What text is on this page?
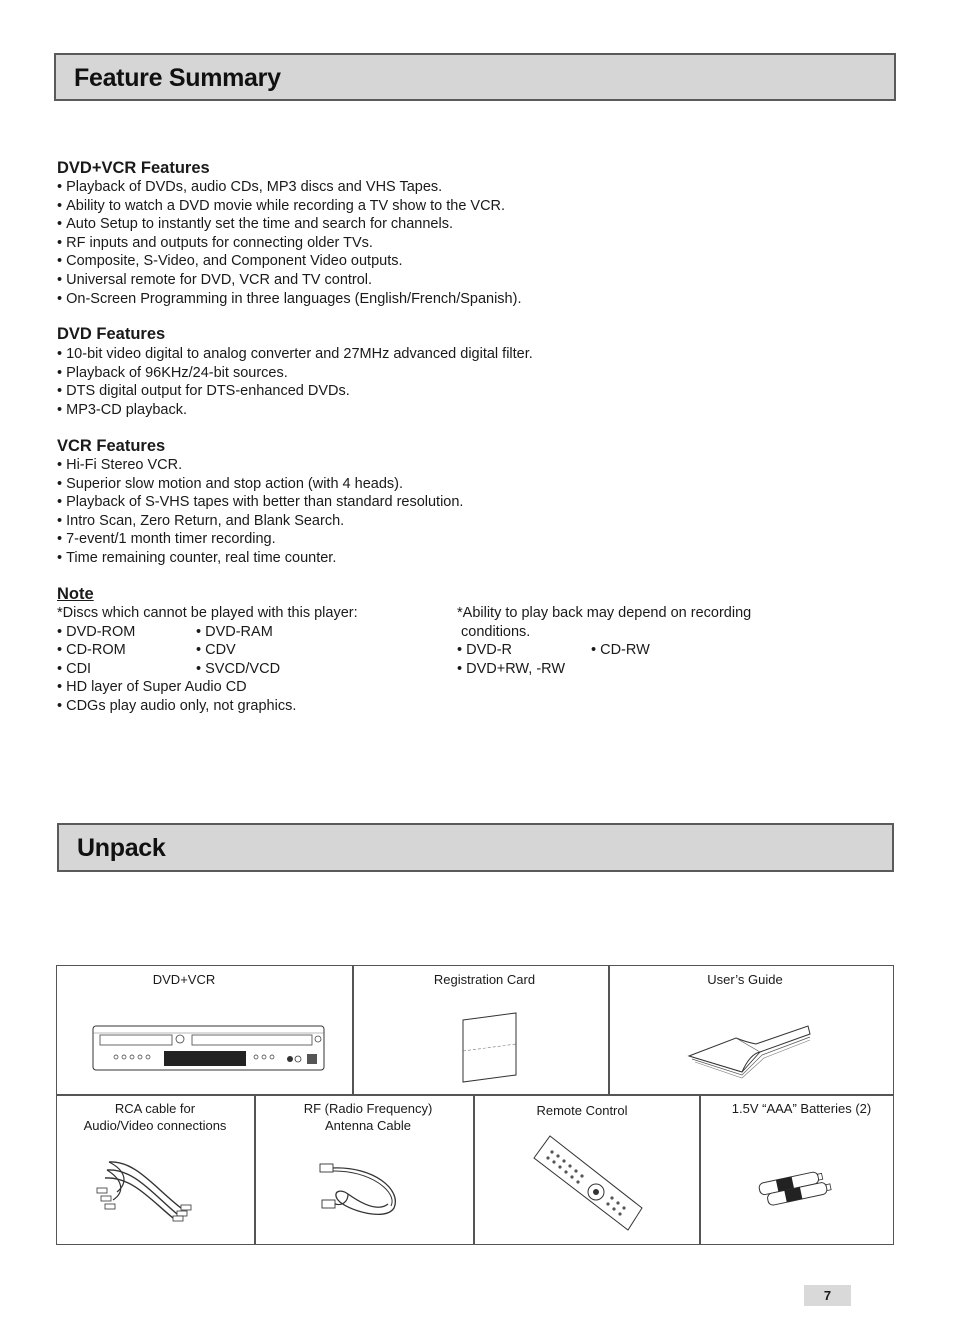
Feature Summary
DVD+VCR Features
• Playback of DVDs, audio CDs, MP3 discs and VHS Tapes.
• Ability to watch a DVD movie while recording a TV show to the VCR.
• Auto Setup to instantly set the time and search for channels.
• RF inputs and outputs for connecting older TVs.
• Composite, S-Video, and Component Video outputs.
• Universal remote for DVD, VCR and TV control.
• On-Screen Programming in three languages (English/French/Spanish).
DVD Features
• 10-bit video digital to analog converter and 27MHz advanced digital filter.
• Playback of 96KHz/24-bit sources.
• DTS digital output for DTS-enhanced DVDs.
• MP3-CD playback.
VCR Features
• Hi-Fi Stereo VCR.
• Superior slow motion and stop action (with 4 heads).
• Playback of S-VHS tapes with better than standard resolution.
• Intro Scan, Zero Return, and Blank Search.
• 7-event/1 month timer recording.
• Time remaining counter, real time counter.
Note
*Discs which cannot be played with this player:
• DVD-ROM	• DVD-RAM
• CD-ROM	• CDV
• CDI	• SVCD/VCD
• HD layer of Super Audio CD
• CDGs play audio only, not graphics.
*Ability to play back may depend on recording
conditions.
• DVD-R	• CD-RW
• DVD+RW, -RW
Unpack
DVD+VCR	Registration Card	User’s Guide
RCA cable for
Audio/Video connections
RF (Radio Frequency)
Antenna Cable
Remote Control	1.5V “AAA” Batteries (2)
7
